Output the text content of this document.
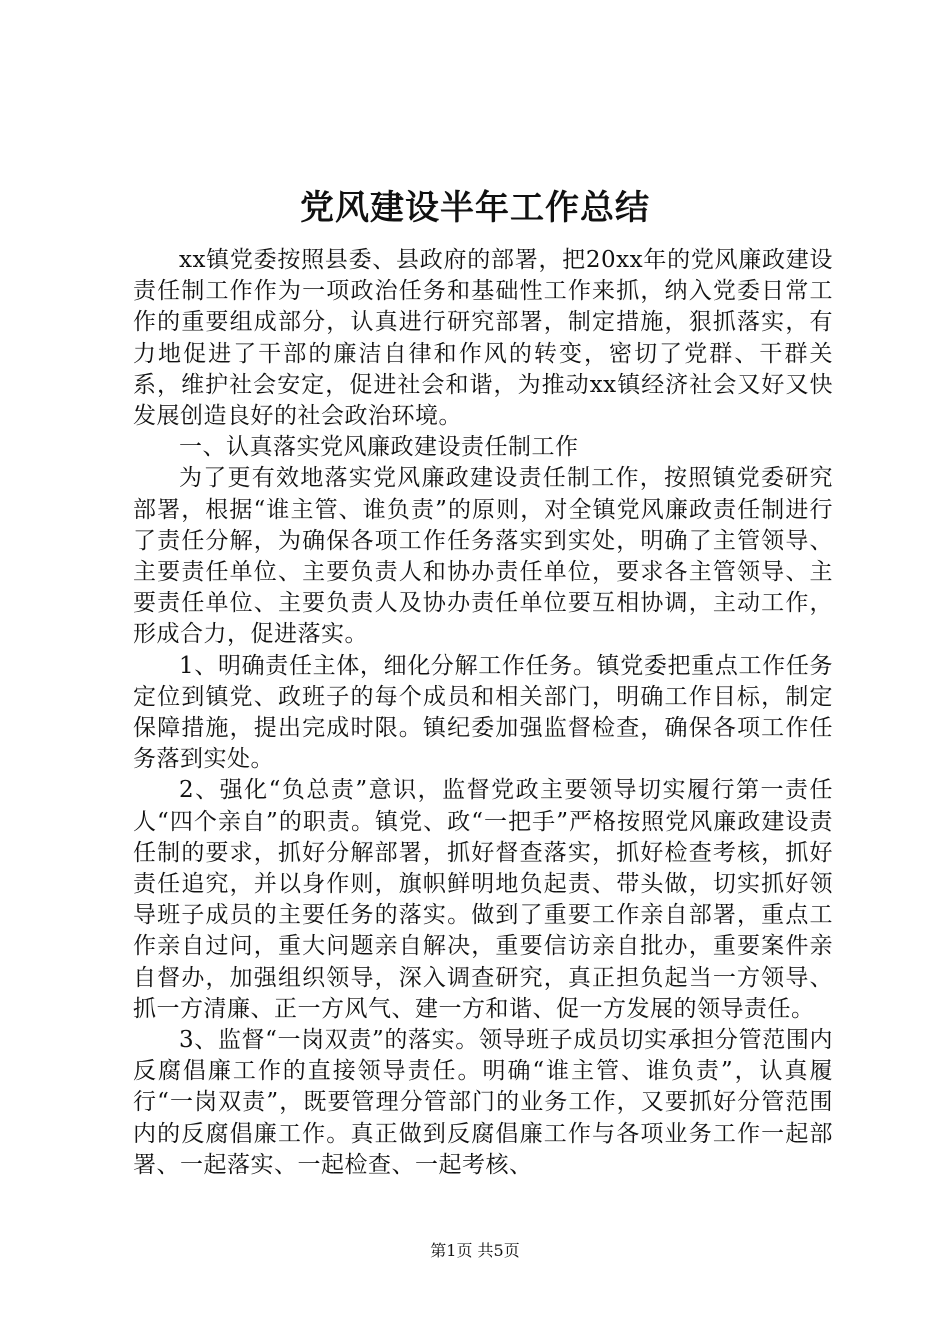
党风建设半年工作总结

xx镇党委按照县委、县政府的部署，把20xx年的党风廉政建设责任制工作作为一项政治任务和基础性工作来抓，纳入党委日常工作的重要组成部分，认真进行研究部署，制定措施，狠抓落实，有力地促进了干部的廉洁自律和作风的转变，密切了党群、干群关系，维护社会安定，促进社会和谐，为推动xx镇经济社会又好又快发展创造良好的社会政治环境。

一、认真落实党风廉政建设责任制工作

为了更有效地落实党风廉政建设责任制工作，按照镇党委研究部署，根据“谁主管、谁负责”的原则，对全镇党风廉政责任制进行了责任分解，为确保各项工作任务落实到实处，明确了主管领导、主要责任单位、主要负责人和协办责任单位，要求各主管领导、主要责任单位、主要负责人及协办责任单位要互相协调，主动工作，形成合力，促进落实。

1、明确责任主体，细化分解工作任务。镇党委把重点工作任务定位到镇党、政班子的每个成员和相关部门，明确工作目标，制定保障措施，提出完成时限。镇纪委加强监督检查，确保各项工作任务落到实处。

2、强化“负总责”意识，监督党政主要领导切实履行第一责任人“四个亲自”的职责。镇党、政“一把手”严格按照党风廉政建设责任制的要求，抓好分解部署，抓好督查落实，抓好检查考核，抓好责任追究，并以身作则，旗帜鲜明地负起责、带头做，切实抓好领导班子成员的主要任务的落实。做到了重要工作亲自部署，重点工作亲自过问，重大问题亲自解决，重要信访亲自批办，重要案件亲自督办，加强组织领导，深入调查研究，真正担负起当一方领导、抓一方清廉、正一方风气、建一方和谐、促一方发展的领导责任。

3、监督“一岗双责”的落实。领导班子成员切实承担分管范围内反腐倡廉工作的直接领导责任。明确“谁主管、谁负责”，认真履行“一岗双责”，既要管理分管部门的业务工作，又要抓好分管范围内的反腐倡廉工作。真正做到反腐倡廉工作与各项业务工作一起部署、一起落实、一起检查、一起考核、

第1页 共5页
